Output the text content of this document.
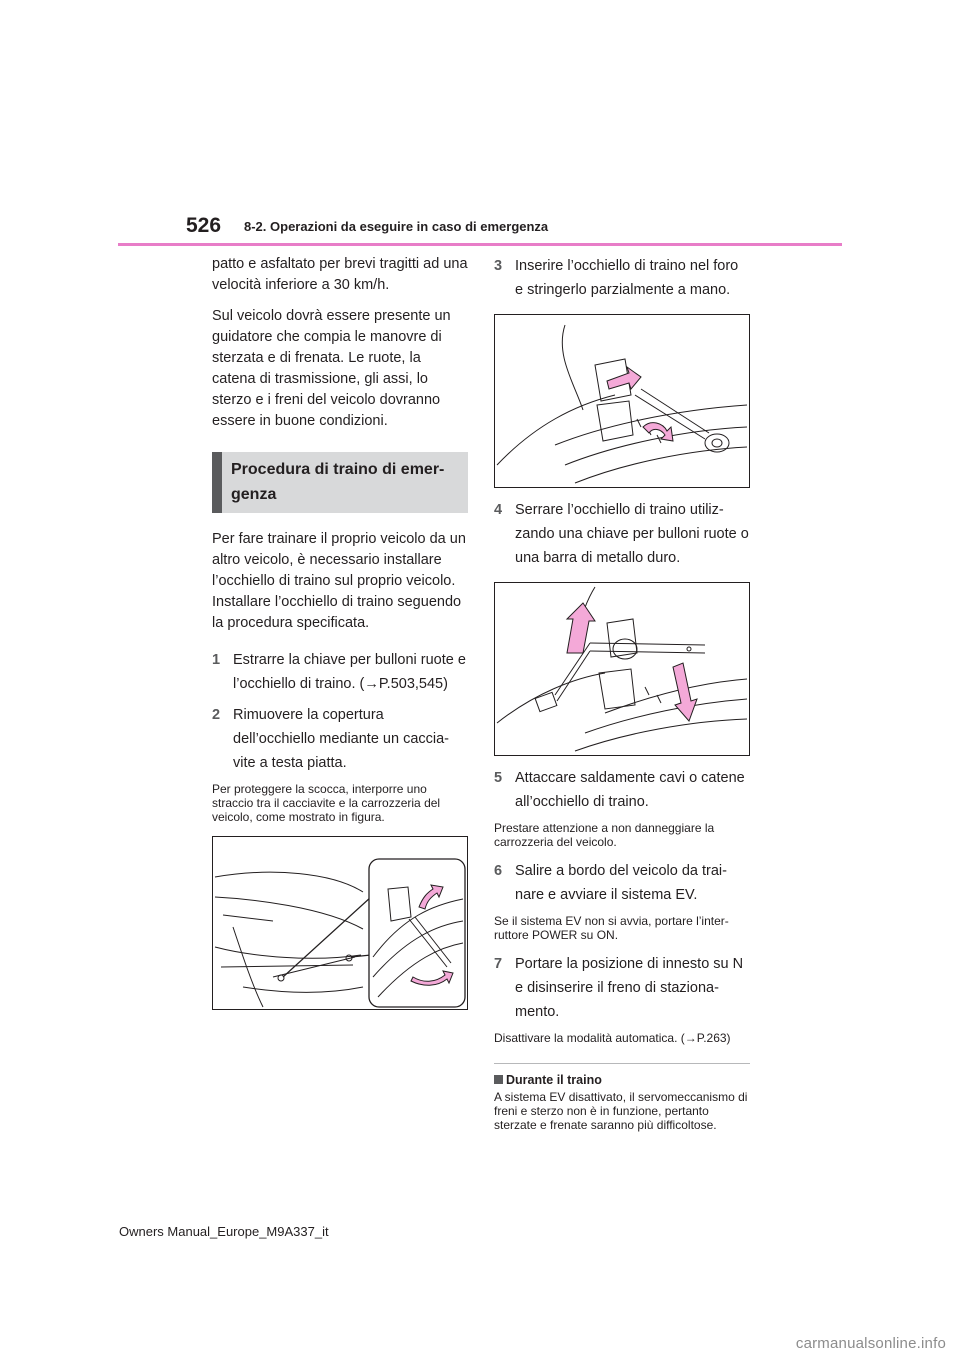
526 8-2. Operazioni da eseguire in caso di emergenza

patto e asfaltato per brevi tragitti ad una velocità inferiore a 30 km/h.

Sul veicolo dovrà essere presente un guidatore che compia le manovre di sterzata e di frenata. Le ruote, la catena di trasmissione, gli assi, lo sterzo e i freni del veicolo dovranno essere in buone condizioni.

Procedura di traino di emer-genza

Per fare trainare il proprio veicolo da un altro veicolo, è necessario installare l’occhiello di traino sul proprio veicolo. Installare l’occhiello di traino seguendo la procedura specificata.

1 Estrarre la chiave per bulloni ruote e l’occhiello di traino. (→P.503,545)
2 Rimuovere la copertura dell’occhiello mediante un caccia-vite a testa piatta.

Per proteggere la scocca, interporre uno straccio tra il cacciavite e la carrozzeria del veicolo, come mostrato in figura.

3 Inserire l’occhiello di traino nel foro e stringerlo parzialmente a mano.
4 Serrare l’occhiello di traino utiliz-zando una chiave per bulloni ruote o una barra di metallo duro.
5 Attaccare saldamente cavi o catene all’occhiello di traino.

Prestare attenzione a non danneggiare la carrozzeria del veicolo.

6 Salire a bordo del veicolo da trai-nare e avviare il sistema EV.

Se il sistema EV non si avvia, portare l’inter-ruttore POWER su ON.

7 Portare la posizione di innesto su N e disinserire il freno di staziona-mento.

Disattivare la modalità automatica. (→P.263)

Durante il traino

A sistema EV disattivato, il servomeccanismo di freni e sterzo non è in funzione, pertanto sterzate e frenate saranno più difficoltose.

Owners Manual_Europe_M9A337_it
carmanualsonline.info
